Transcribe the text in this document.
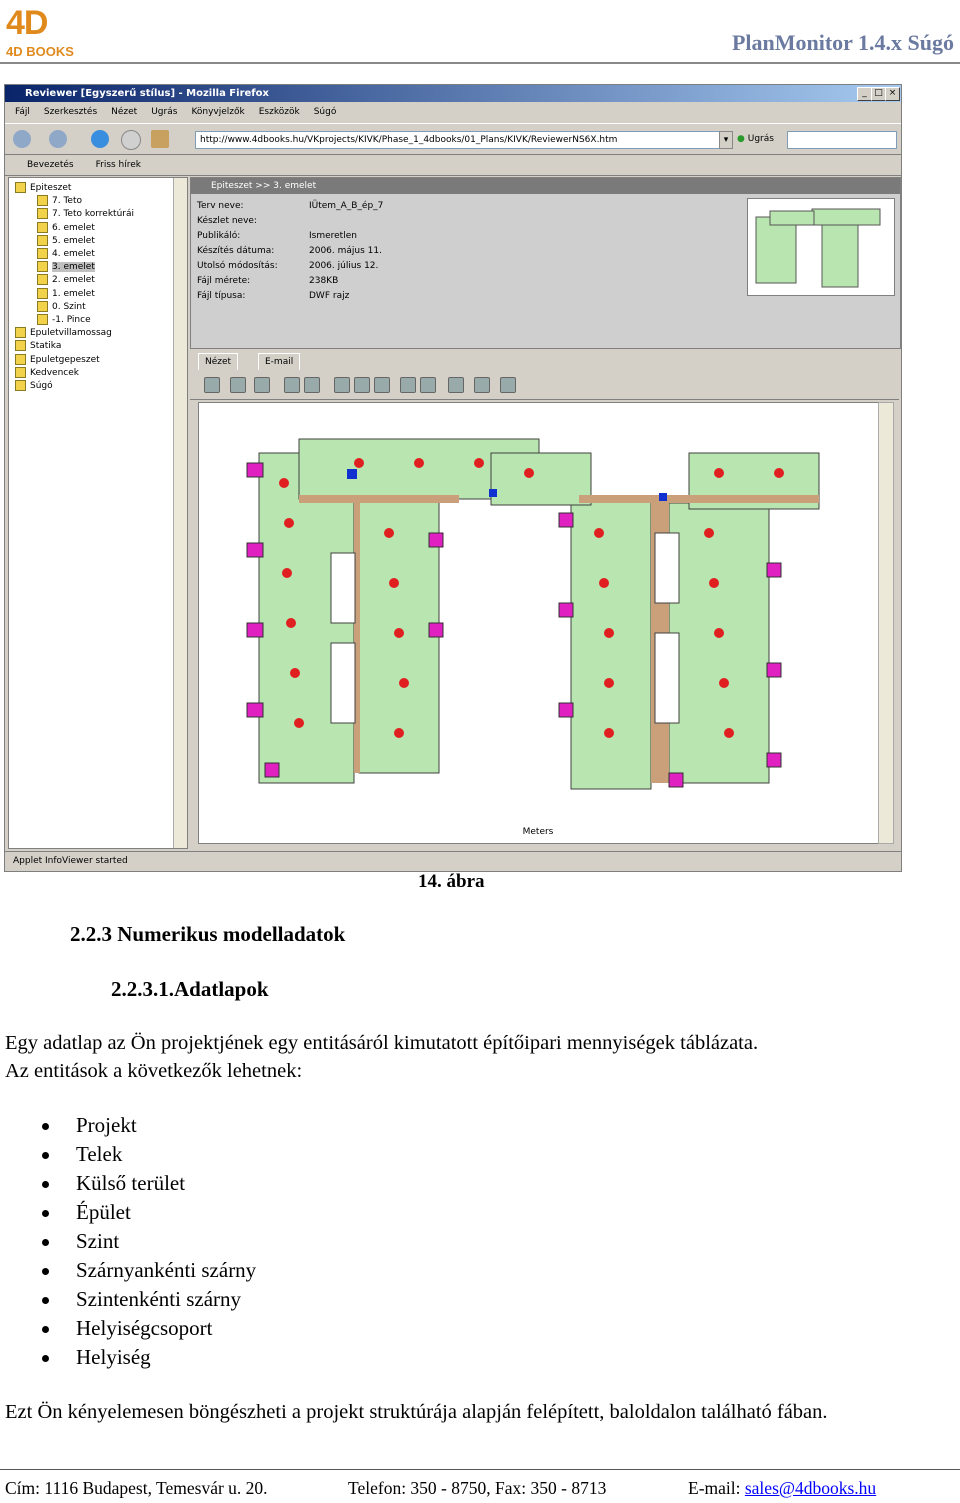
4D
4D BOOKS	PlanMonitor 1.4.x Súgó
Reviewer [Egyszerű stílus] - Mozilla Firefox	_ □ ×
Fájl Szerkesztés Nézet Ugrás Könyvjelzők Eszközök Súgó
http://www.4dbooks.hu/VKprojects/KIVK/Phase_1_4dbooks/01_Plans/KIVK/ReviewerNS6X.htm	▾ ● Ugrás
Bevezetés Friss hírek
Epiteszet
7. Teto
7. Teto korrektúrái
6. emelet
5. emelet
4. emelet
3. emelet
2. emelet
1. emelet
0. Szint
-1. Pince
Epuletvillamossag
Statika
Epuletgepeszet
Kedvencek
Súgó
Epiteszet >> 3. emelet
Terv neve:	IÜtem_A_B_ép_7
Készlet neve:
Publikáló:	Ismeretlen
Készítés dátuma:	2006. május 11.
Utolsó módosítás:	2006. július 12.
Fájl mérete:	238KB
Fájl típusa:	DWF rajz
Nézet	E-mail
Meters
Applet InfoViewer started
14. ábra
2.2.3 Numerikus modelladatok
2.2.3.1.Adatlapok
Egy adatlap az Ön projektjének egy entitásáról kimutatott építőipari mennyiségek táblázata.
Az entitások a következők lehetnek:
Projekt
Telek
Külső terület
Épület
Szint
Szárnyankénti szárny
Szintenkénti szárny
Helyiségcsoport
Helyiség
Ezt Ön kényelemesen böngészheti a projekt struktúrája alapján felépített, baloldalon található fában.
Cím: 1116 Budapest, Temesvár u. 20.	Telefon: 350 - 8750, Fax: 350 - 8713	E-mail: sales@4dbooks.hu
